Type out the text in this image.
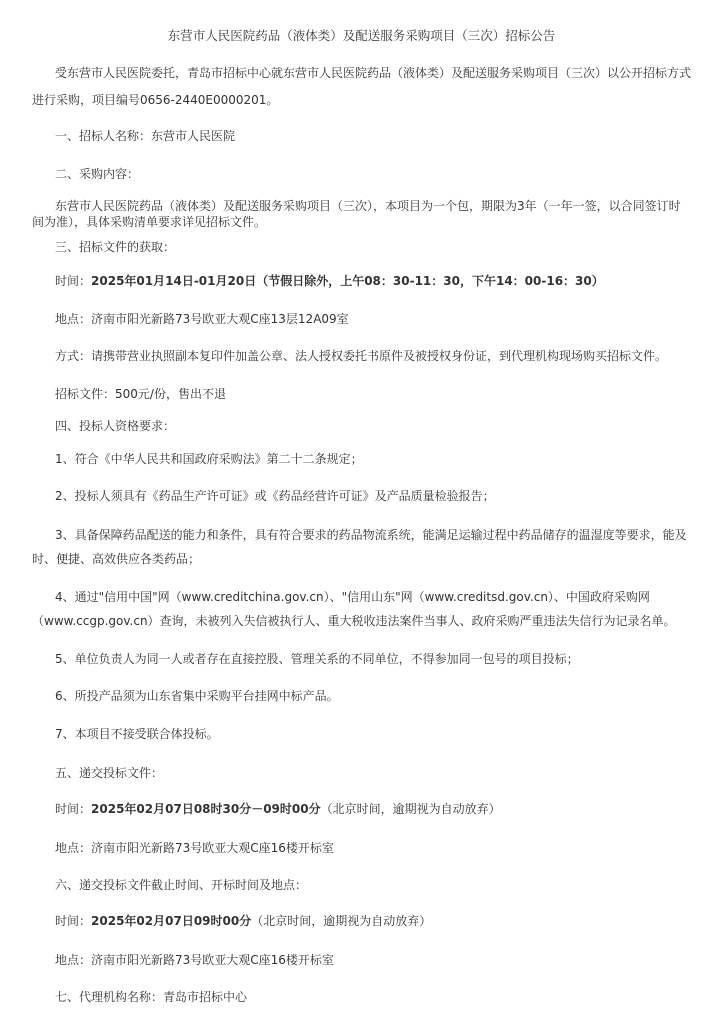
东营市人民医院药品（液体类）及配送服务采购项目（三次）招标公告
受东营市人民医院委托，青岛市招标中心就东营市人民医院药品（液体类）及配送服务采购项目（三次）以公开招标方式
进行采购，项目编号0656-2440E0000201。
一、招标人名称：东营市人民医院
二、采购内容：
东营市人民医院药品（液体类）及配送服务采购项目（三次），本项目为一个包，期限为3年（一年一签，以合同签订时
间为准），具体采购清单要求详见招标文件。
三、招标文件的获取：
时间：2025年01月14日-01月20日（节假日除外，上午08：30-11：30，下午14：00-16：30）
地点：济南市阳光新路73号欧亚大观C座13层12A09室
方式：请携带营业执照副本复印件加盖公章、法人授权委托书原件及被授权身份证，到代理机构现场购买招标文件。
招标文件：500元/份，售出不退
四、投标人资格要求：
1、符合《中华人民共和国政府采购法》第二十二条规定；
2、投标人须具有《药品生产许可证》或《药品经营许可证》及产品质量检验报告；
3、具备保障药品配送的能力和条件，具有符合要求的药品物流系统，能满足运输过程中药品储存的温湿度等要求，能及
时、便捷、高效供应各类药品；
4、通过"信用中国"网（www.creditchina.gov.cn）、"信用山东"网（www.creditsd.gov.cn）、中国政府采购网
（www.ccgp.gov.cn）查询，未被列入失信被执行人、重大税收违法案件当事人、政府采购严重违法失信行为记录名单。
5、单位负责人为同一人或者存在直接控股、管理关系的不同单位，不得参加同一包号的项目投标；
6、所投产品须为山东省集中采购平台挂网中标产品。
7、本项目不接受联合体投标。
五、递交投标文件：
时间：2025年02月07日08时30分－09时00分（北京时间，逾期视为自动放弃）
地点：济南市阳光新路73号欧亚大观C座16楼开标室
六、递交投标文件截止时间、开标时间及地点：
时间：2025年02月07日09时00分（北京时间，逾期视为自动放弃）
地点：济南市阳光新路73号欧亚大观C座16楼开标室
七、代理机构名称：青岛市招标中心
